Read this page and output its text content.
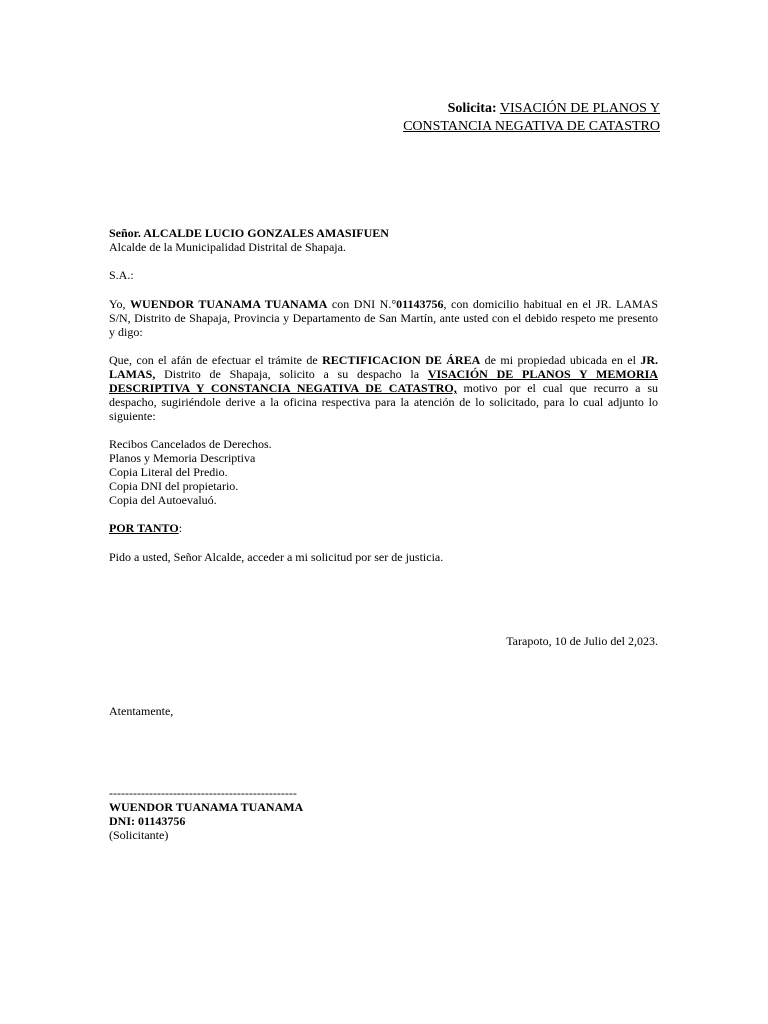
Solicita: VISACIÓN DE PLANOS Y
CONSTANCIA NEGATIVA DE CATASTRO
Señor. ALCALDE LUCIO GONZALES AMASIFUEN
Alcalde de la Municipalidad Distrital de Shapaja.
S.A.:
Yo, WUENDOR TUANAMA TUANAMA con DNI N.°01143756, con domicilio habitual en el JR. LAMAS S/N, Distrito de Shapaja, Provincia y Departamento de San Martín, ante usted con el debido respeto me presento y digo:
Que, con el afán de efectuar el trámite de RECTIFICACION DE ÁREA de mi propiedad ubicada en el JR. LAMAS, Distrito de Shapaja, solicito a su despacho la VISACIÓN DE PLANOS Y MEMORIA DESCRIPTIVA Y CONSTANCIA NEGATIVA DE CATASTRO, motivo por el cual que recurro a su despacho, sugiriéndole derive a la oficina respectiva para la atención de lo solicitado, para lo cual adjunto lo siguiente:
Recibos Cancelados de Derechos.
Planos y Memoria Descriptiva
Copia Literal del Predio.
Copia DNI del propietario.
Copia del Autoevaluó.
POR TANTO:
Pido a usted, Señor Alcalde, acceder a mi solicitud por ser de justicia.
Tarapoto, 10 de Julio del 2,023.
Atentamente,
-----------------------------------------------
WUENDOR TUANAMA TUANAMA
DNI: 01143756
(Solicitante)
